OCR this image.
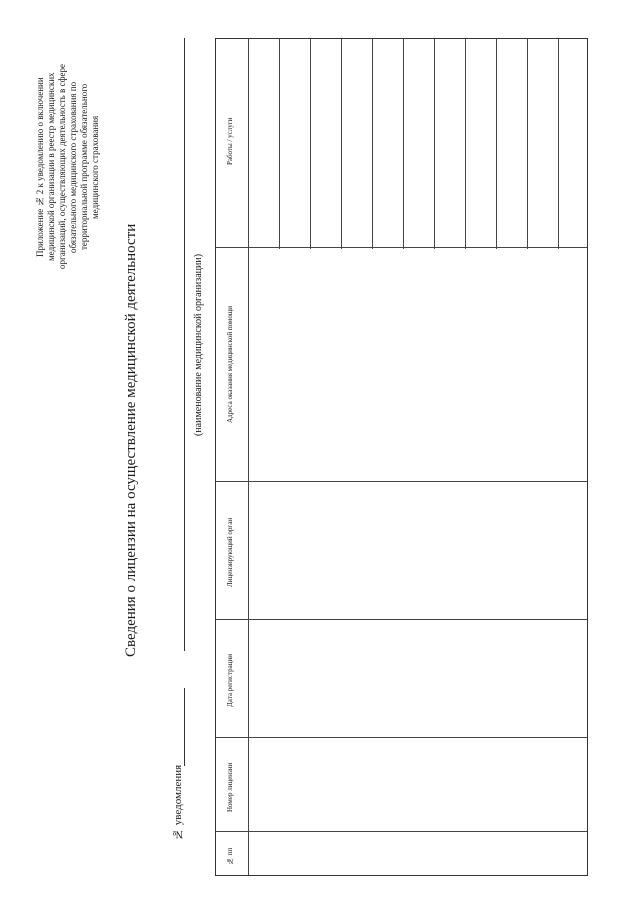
Приложение № 2 к уведомлению о включении медицинской организации в реестр медицинских организаций, осуществляющих деятельность в сфере обязательного медицинского страхования по территориальной программе обязательного медицинского страхования
Сведения о лицензии на осуществление медицинской деятельности	(наименование медицинской организации)
№ уведомления
№ пп
Номер лицензии
Дата регистрации
Лицензирующий орган
Адреса оказания медицинской помощи
Работы / услуги
